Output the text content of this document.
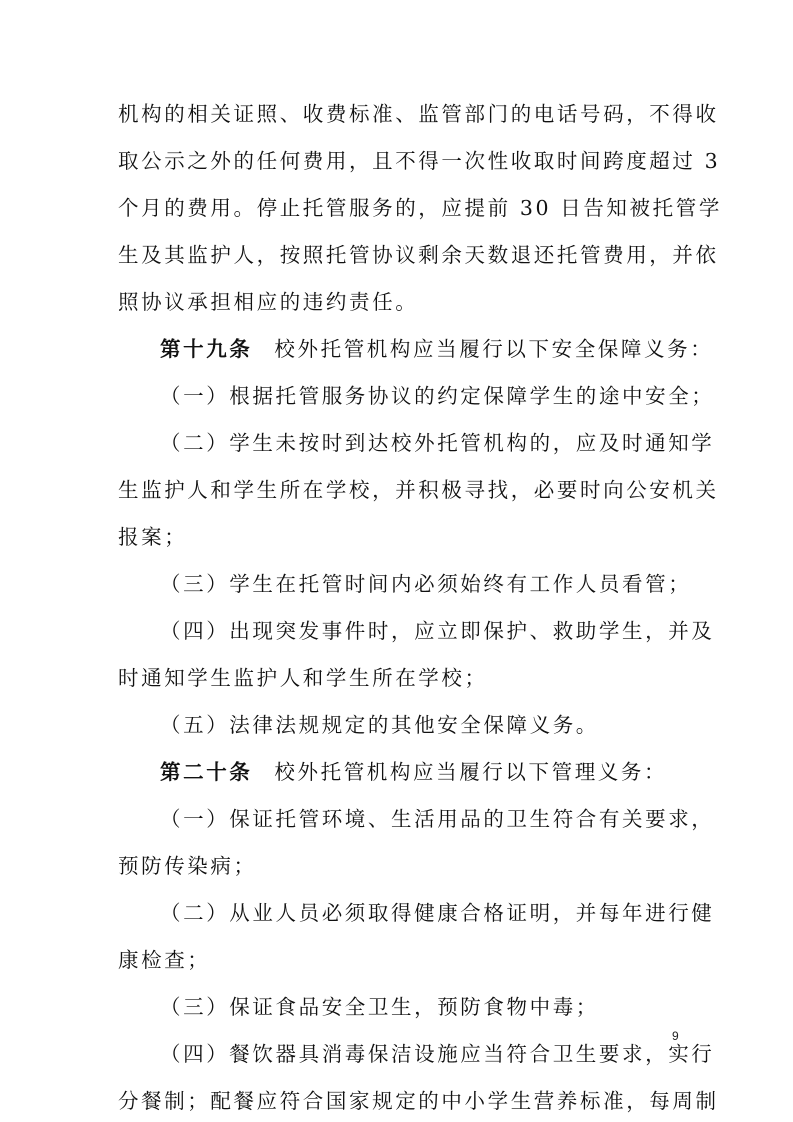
机构的相关证照、收费标准、监管部门的电话号码，不得收
取公示之外的任何费用，且不得一次性收取时间跨度超过 3
个月的费用。停止托管服务的，应提前 30 日告知被托管学
生及其监护人，按照托管协议剩余天数退还托管费用，并依
照协议承担相应的违约责任。
第十九条 校外托管机构应当履行以下安全保障义务：
（一）根据托管服务协议的约定保障学生的途中安全；
（二）学生未按时到达校外托管机构的，应及时通知学
生监护人和学生所在学校，并积极寻找，必要时向公安机关
报案；
（三）学生在托管时间内必须始终有工作人员看管；
（四）出现突发事件时，应立即保护、救助学生，并及
时通知学生监护人和学生所在学校；
（五）法律法规规定的其他安全保障义务。
第二十条 校外托管机构应当履行以下管理义务：
（一）保证托管环境、生活用品的卫生符合有关要求，
预防传染病；
（二）从业人员必须取得健康合格证明，并每年进行健
康检查；
（三）保证食品安全卫生，预防食物中毒；
（四）餐饮器具消毒保洁设施应当符合卫生要求，实行
分餐制；配餐应符合国家规定的中小学生营养标准，每周制
9
